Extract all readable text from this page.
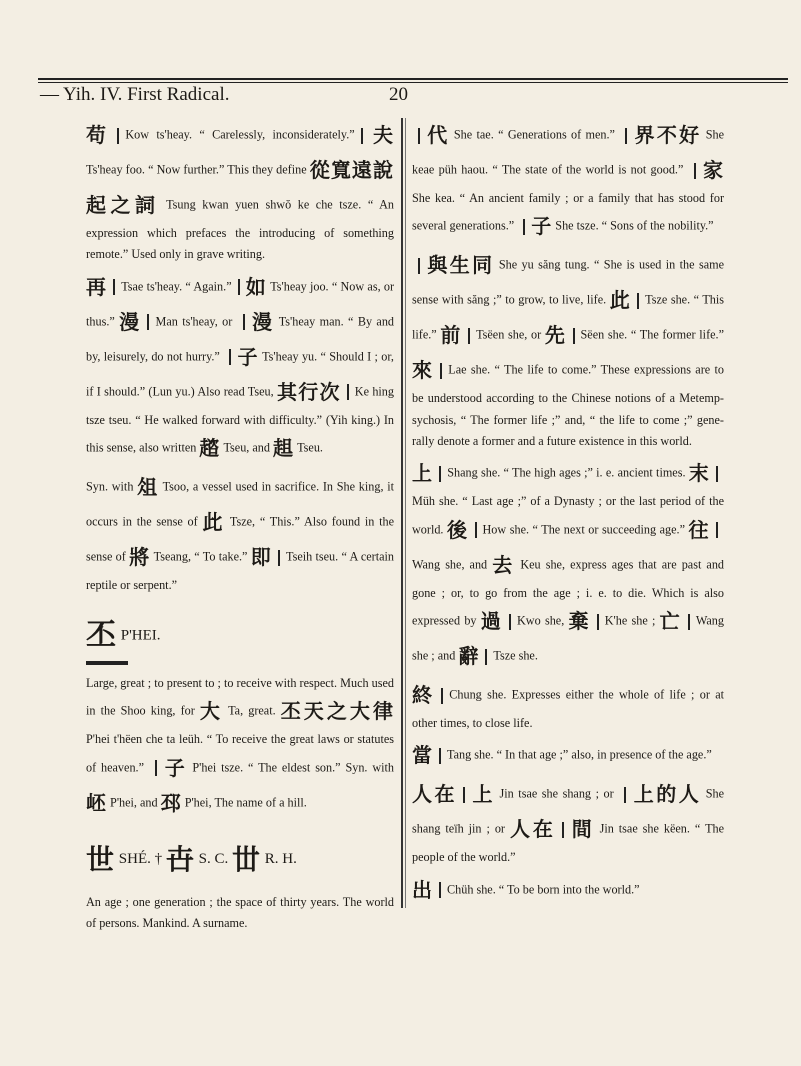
— Yih. IV. First Radical.	20

苟 Kow ts'heay. “ Carelessly, inconsiderately.” 夫 Ts'heay foo. “ Now further.” This they define 從寬遠說起之詞 Tsung kwan yuen shwŏ ke che tsze. “ An expression which prefaces the introducing of something remote.” Used only in grave writing.

再 Tsae ts'heay. “ Again.” 如 Ts'heay joo. “ Now as, or thus.” 漫 Man ts'heay, or 漫 Ts'heay man. “ By and by, leisurely, do not hurry.” 子 Ts'heay yu. “ Should I ; or, if I should.” (Lun yu.) Also read Tseu, 其行次 Ke hing tsze tseu. “ He walked forward with difficulty.” (Yih king.) In this sense, also written 趦 Tseu, and 趄 Tseu.

Syn. with 俎 Tsoo, a vessel used in sacrifice. In She king, it occurs in the sense of 此 Tsze, “ This.” Also found in the sense of 將 Tseang, “ To take.” 即 Tseih tseu. “ A certain reptile or serpent.”

丕 P'HEI.

Large, great ; to present to ; to receive with respect. Much used in the Shoo king, for 大 Ta, great. 丕天之大律 P'hei t'hëen che ta leüh. “ To receive the great laws or statutes of heaven.” 子 P'hei tsze. “ The eldest son.” Syn. with 岯 P'hei, and 邳 P'hei, The name of a hill.

世 SHÉ. † 卋 S. C. 丗 R. H.

An age ; one generation ; the space of thirty years. The world of persons. Mankind. A surname.

代 She tae. “ Generations of men.” 界不好 She keae püh haou. “ The state of the world is not good.” 家 She kea. “ An ancient family ; or a family that has stood for several generations.” 子 She tsze. “ Sons of the nobility.”

與生同 She yu săng tung. “ She is used in the same sense with săng ;” to grow, to live, life. 此 Tsze she. “ This life.” 前 Tsëen she, or 先 Sëen she. “ The former life.” 來 Lae she. “ The life to come.” These expressions are to be understood according to the Chinese notions of a Metemp-sychosis, “ The former life ;” and, “ the life to come ;” gene-rally denote a former and a future existence in this world.

上 Shang she. “ The high ages ;” i. e. ancient times. 末Müh she. “ Last age ;” of a Dynasty ; or the last period of the world. 後 How she. “ The next or succeeding age.” 往Wang she, and 去 Keu she, express ages that are past and gone ; or, to go from the age ; i. e. to die. Which is also expressed by 過 Kwo she, 棄 K'he she ; 亡 Wang she ; and 辭 Tsze she.

終 Chung she. Expresses either the whole of life ; or at other times, to close life.

當 Tang she. “ In that age ;” also, in presence of the age.”

人在 上 Jin tsae she shang ; or 上的人 She shang teïh jin ; or 人在 間 Jin tsae she këen. “ The people of the world.”

出 Chüh she. “ To be born into the world.”
